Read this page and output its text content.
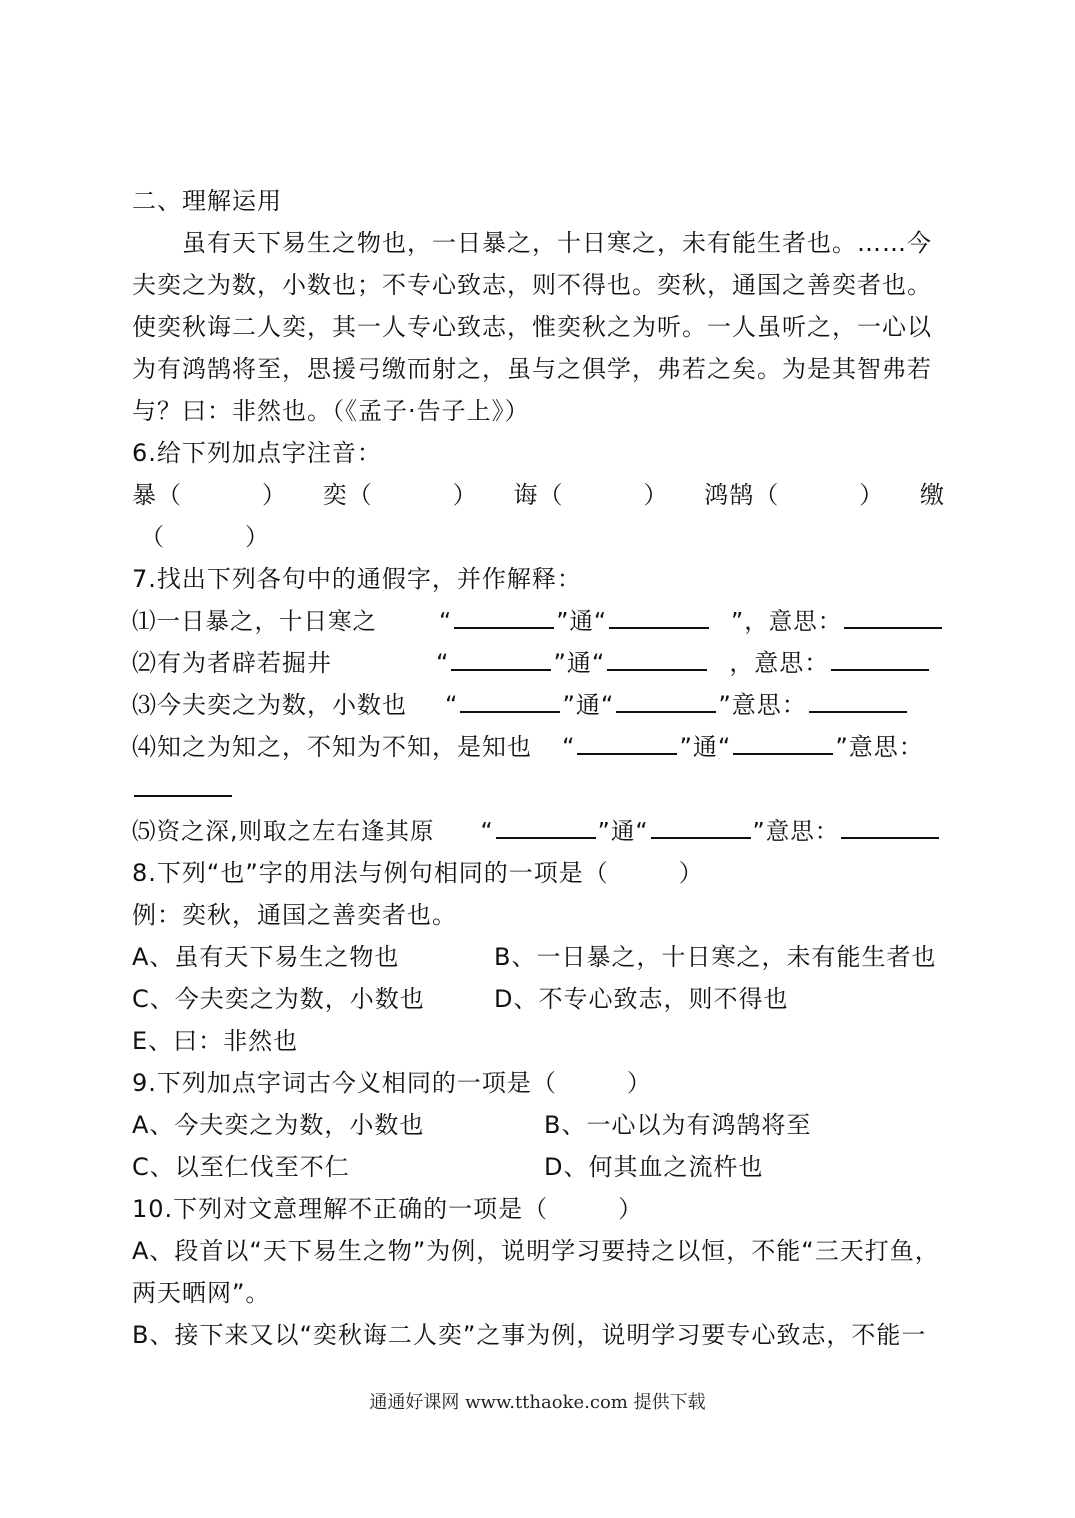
二、理解运用
虽有天下易生之物也，一日暴之，十日寒之，未有能生者也。……今
夫奕之为数，小数也；不专心致志，则不得也。奕秋，通国之善奕者也。
使奕秋诲二人奕，其一人专心致志，惟奕秋之为听。一人虽听之，一心以
为有鸿鹄将至，思援弓缴而射之，虽与之俱学，弗若之矣。为是其智弗若
与？曰：非然也。（《孟子·告子上》）
6.给下列加点字注音：
暴（	） 奕（	） 诲（	） 鸿鹄（	） 缴
（	）
7.找出下列各句中的通假字，并作解释：
⑴一日暴之，十日寒之	“	”通“	”，意思：
⑵有为者辟若掘井	“	”通“	，意思：
⑶今夫奕之为数，小数也 “	”通“	”意思：
⑷知之为知之，不知为不知，是知也 “	”通“	”意思：
⑸资之深,则取之左右逢其原 “	”通“	”意思：
8.下列“也”字的用法与例句相同的一项是（	）
例：奕秋，通国之善奕者也。
A、虽有天下易生之物也	B、一日暴之，十日寒之，未有能生者也
C、今夫奕之为数，小数也	D、不专心致志，则不得也
E、曰：非然也
9.下列加点字词古今义相同的一项是（	）
A、今夫奕之为数，小数也	B、一心以为有鸿鹄将至
C、以至仁伐至不仁	D、何其血之流杵也
10.下列对文意理解不正确的一项是（	）
A、段首以“天下易生之物”为例，说明学习要持之以恒，不能“三天打鱼，
两天晒网”。
B、接下来又以“奕秋诲二人奕”之事为例，说明学习要专心致志，不能一
通通好课网 www.tthaoke.com 提供下载
